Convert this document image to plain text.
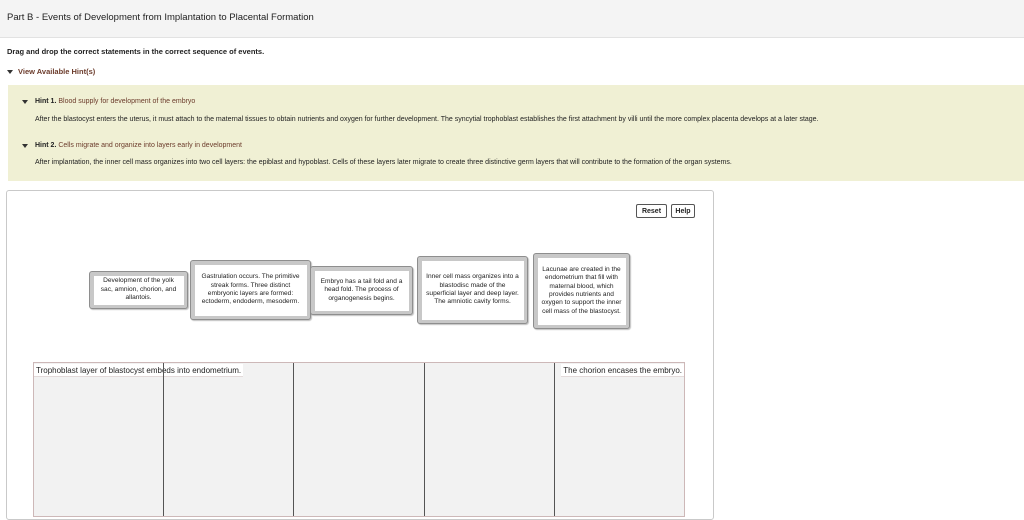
Part B - Events of Development from Implantation to Placental Formation
Drag and drop the correct statements in the correct sequence of events.
View Available Hint(s)
Hint 1. Blood supply for development of the embryo
After the blastocyst enters the uterus, it must attach to the maternal tissues to obtain nutrients and oxygen for further development. The syncytial trophoblast establishes the first attachment by villi until the more complex placenta develops at a later stage.
Hint 2. Cells migrate and organize into layers early in development
After implantation, the inner cell mass organizes into two cell layers: the epiblast and hypoblast. Cells of these layers later migrate to create three distinctive germ layers that will contribute to the formation of the organ systems.
Reset	Help
Development of the yolk sac, amnion, chorion, and allantois.
Gastrulation occurs. The primitive streak forms. Three distinct embryonic layers are formed: ectoderm, endoderm, mesoderm.
Embryo has a tail fold and a head fold. The process of organogenesis begins.
Inner cell mass organizes into a blastodisc made of the superficial layer and deep layer. The amniotic cavity forms.
Lacunae are created in the endometrium that fill with maternal blood, which provides nutrients and oxygen to support the inner cell mass of the blastocyst.
Trophoblast layer of blastocyst embeds into endometrium.	The chorion encases the embryo.
